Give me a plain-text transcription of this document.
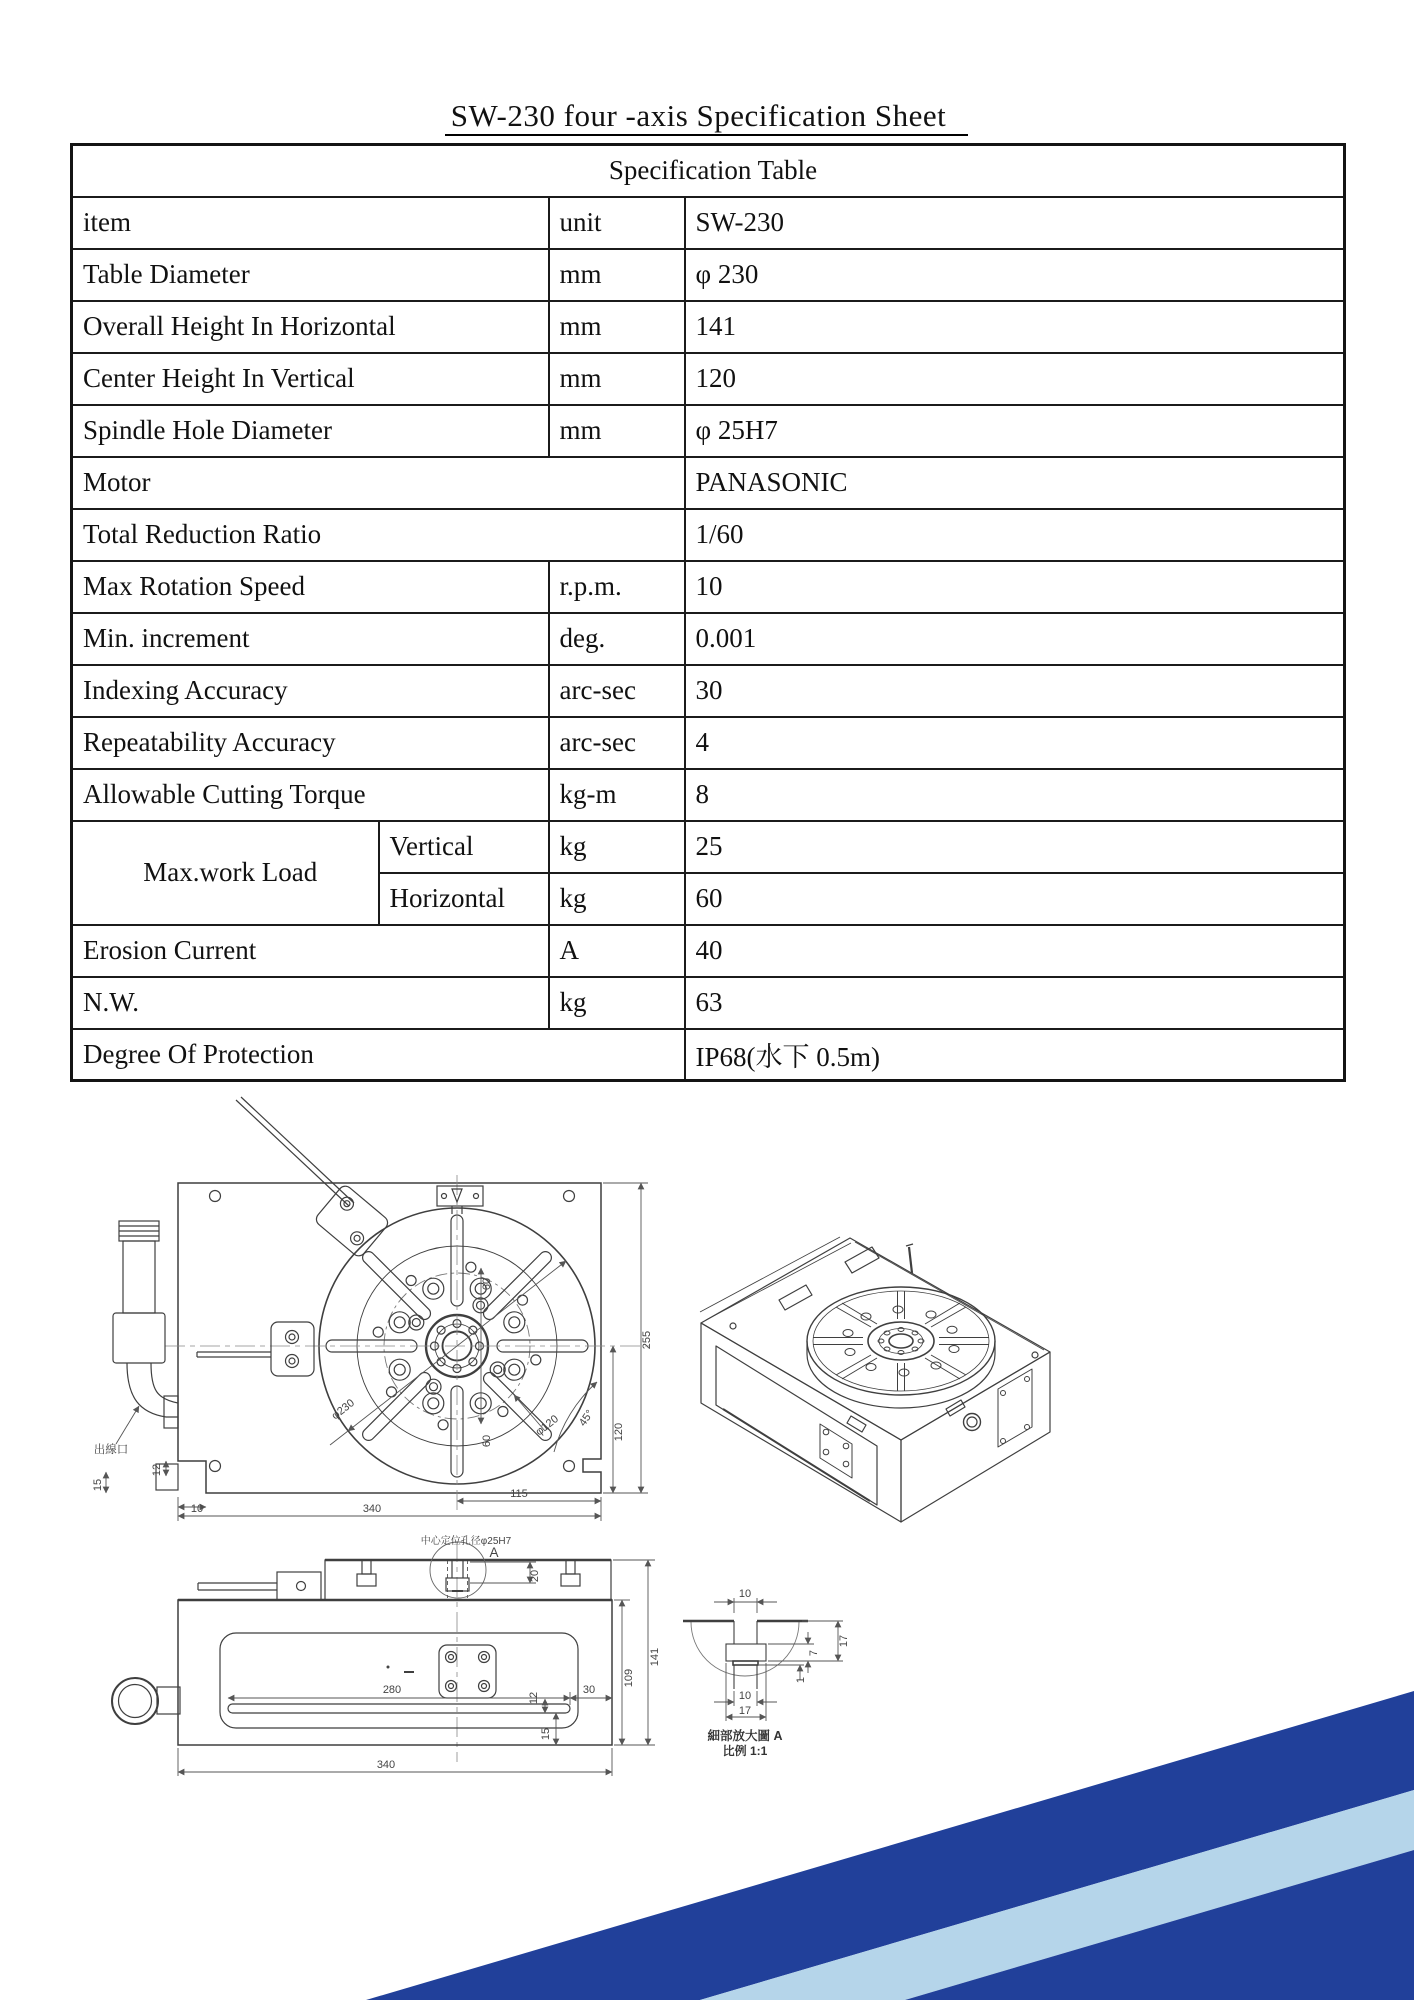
SW-230 four -axis Specification Sheet
Specification Table			
item		unit	SW-230
Table Diameter		mm	φ 230
Overall Height In Horizontal		mm	141
Center Height In Vertical		mm	120
Spindle Hole Diameter		mm	φ 25H7
Motor			PANASONIC
Total Reduction Ratio			1/60
Max Rotation Speed		r.p.m.	10
Min. increment		deg.	0.001
Indexing Accuracy		arc-sec	30
Repeatability Accuracy		arc-sec	4
Allowable Cutting Torque		kg-m	8
Max.work Load	Vertical	kg	25
	Horizontal	kg	60
Erosion Current		A	40
N.W.		kg	63
Degree Of Protection			IP68(水下 0.5m)
出線口
φ230
φ120 45°
60
60
12
15
10	340
115
255
120
中心定位孔径φ25H7
A
20
280	30
12
15
340
141
109
10
17
7
1
10
17
細部放大圖 A
比例 1:1
